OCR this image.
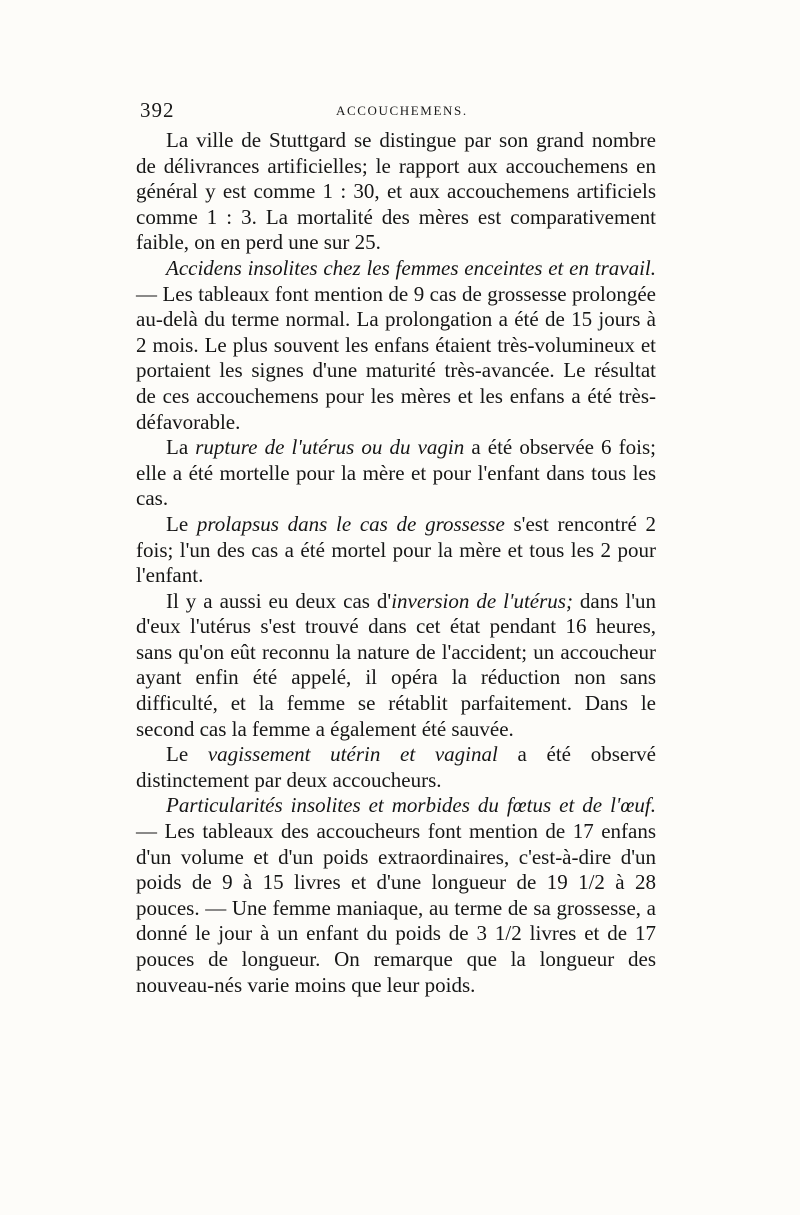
392	ACCOUCHEMENS.

La ville de Stuttgard se distingue par son grand nombre de délivrances artificielles; le rapport aux accouchemens en général y est comme 1 : 30, et aux accouchemens artificiels comme 1 : 3. La mortalité des mères est comparativement faible, on en perd une sur 25.

Accidens insolites chez les femmes enceintes et en travail. — Les tableaux font mention de 9 cas de grossesse prolongée au-delà du terme normal. La prolongation a été de 15 jours à 2 mois. Le plus souvent les enfans étaient très-volumineux et portaient les signes d'une maturité très-avancée. Le résultat de ces accouchemens pour les mères et les enfans a été très-défavorable.

La rupture de l'utérus ou du vagin a été observée 6 fois; elle a été mortelle pour la mère et pour l'enfant dans tous les cas.

Le prolapsus dans le cas de grossesse s'est rencontré 2 fois; l'un des cas a été mortel pour la mère et tous les 2 pour l'enfant.

Il y a aussi eu deux cas d'inversion de l'utérus; dans l'un d'eux l'utérus s'est trouvé dans cet état pendant 16 heures, sans qu'on eût reconnu la nature de l'accident; un accoucheur ayant enfin été appelé, il opéra la réduction non sans difficulté, et la femme se rétablit parfaitement. Dans le second cas la femme a également été sauvée.

Le vagissement utérin et vaginal a été observé distinctement par deux accoucheurs.

Particularités insolites et morbides du fœtus et de l'œuf. — Les tableaux des accoucheurs font mention de 17 enfans d'un volume et d'un poids extraordinaires, c'est-à-dire d'un poids de 9 à 15 livres et d'une longueur de 19 1/2 à 28 pouces. — Une femme maniaque, au terme de sa grossesse, a donné le jour à un enfant du poids de 3 1/2 livres et de 17 pouces de longueur. On remarque que la longueur des nouveau-nés varie moins que leur poids.
